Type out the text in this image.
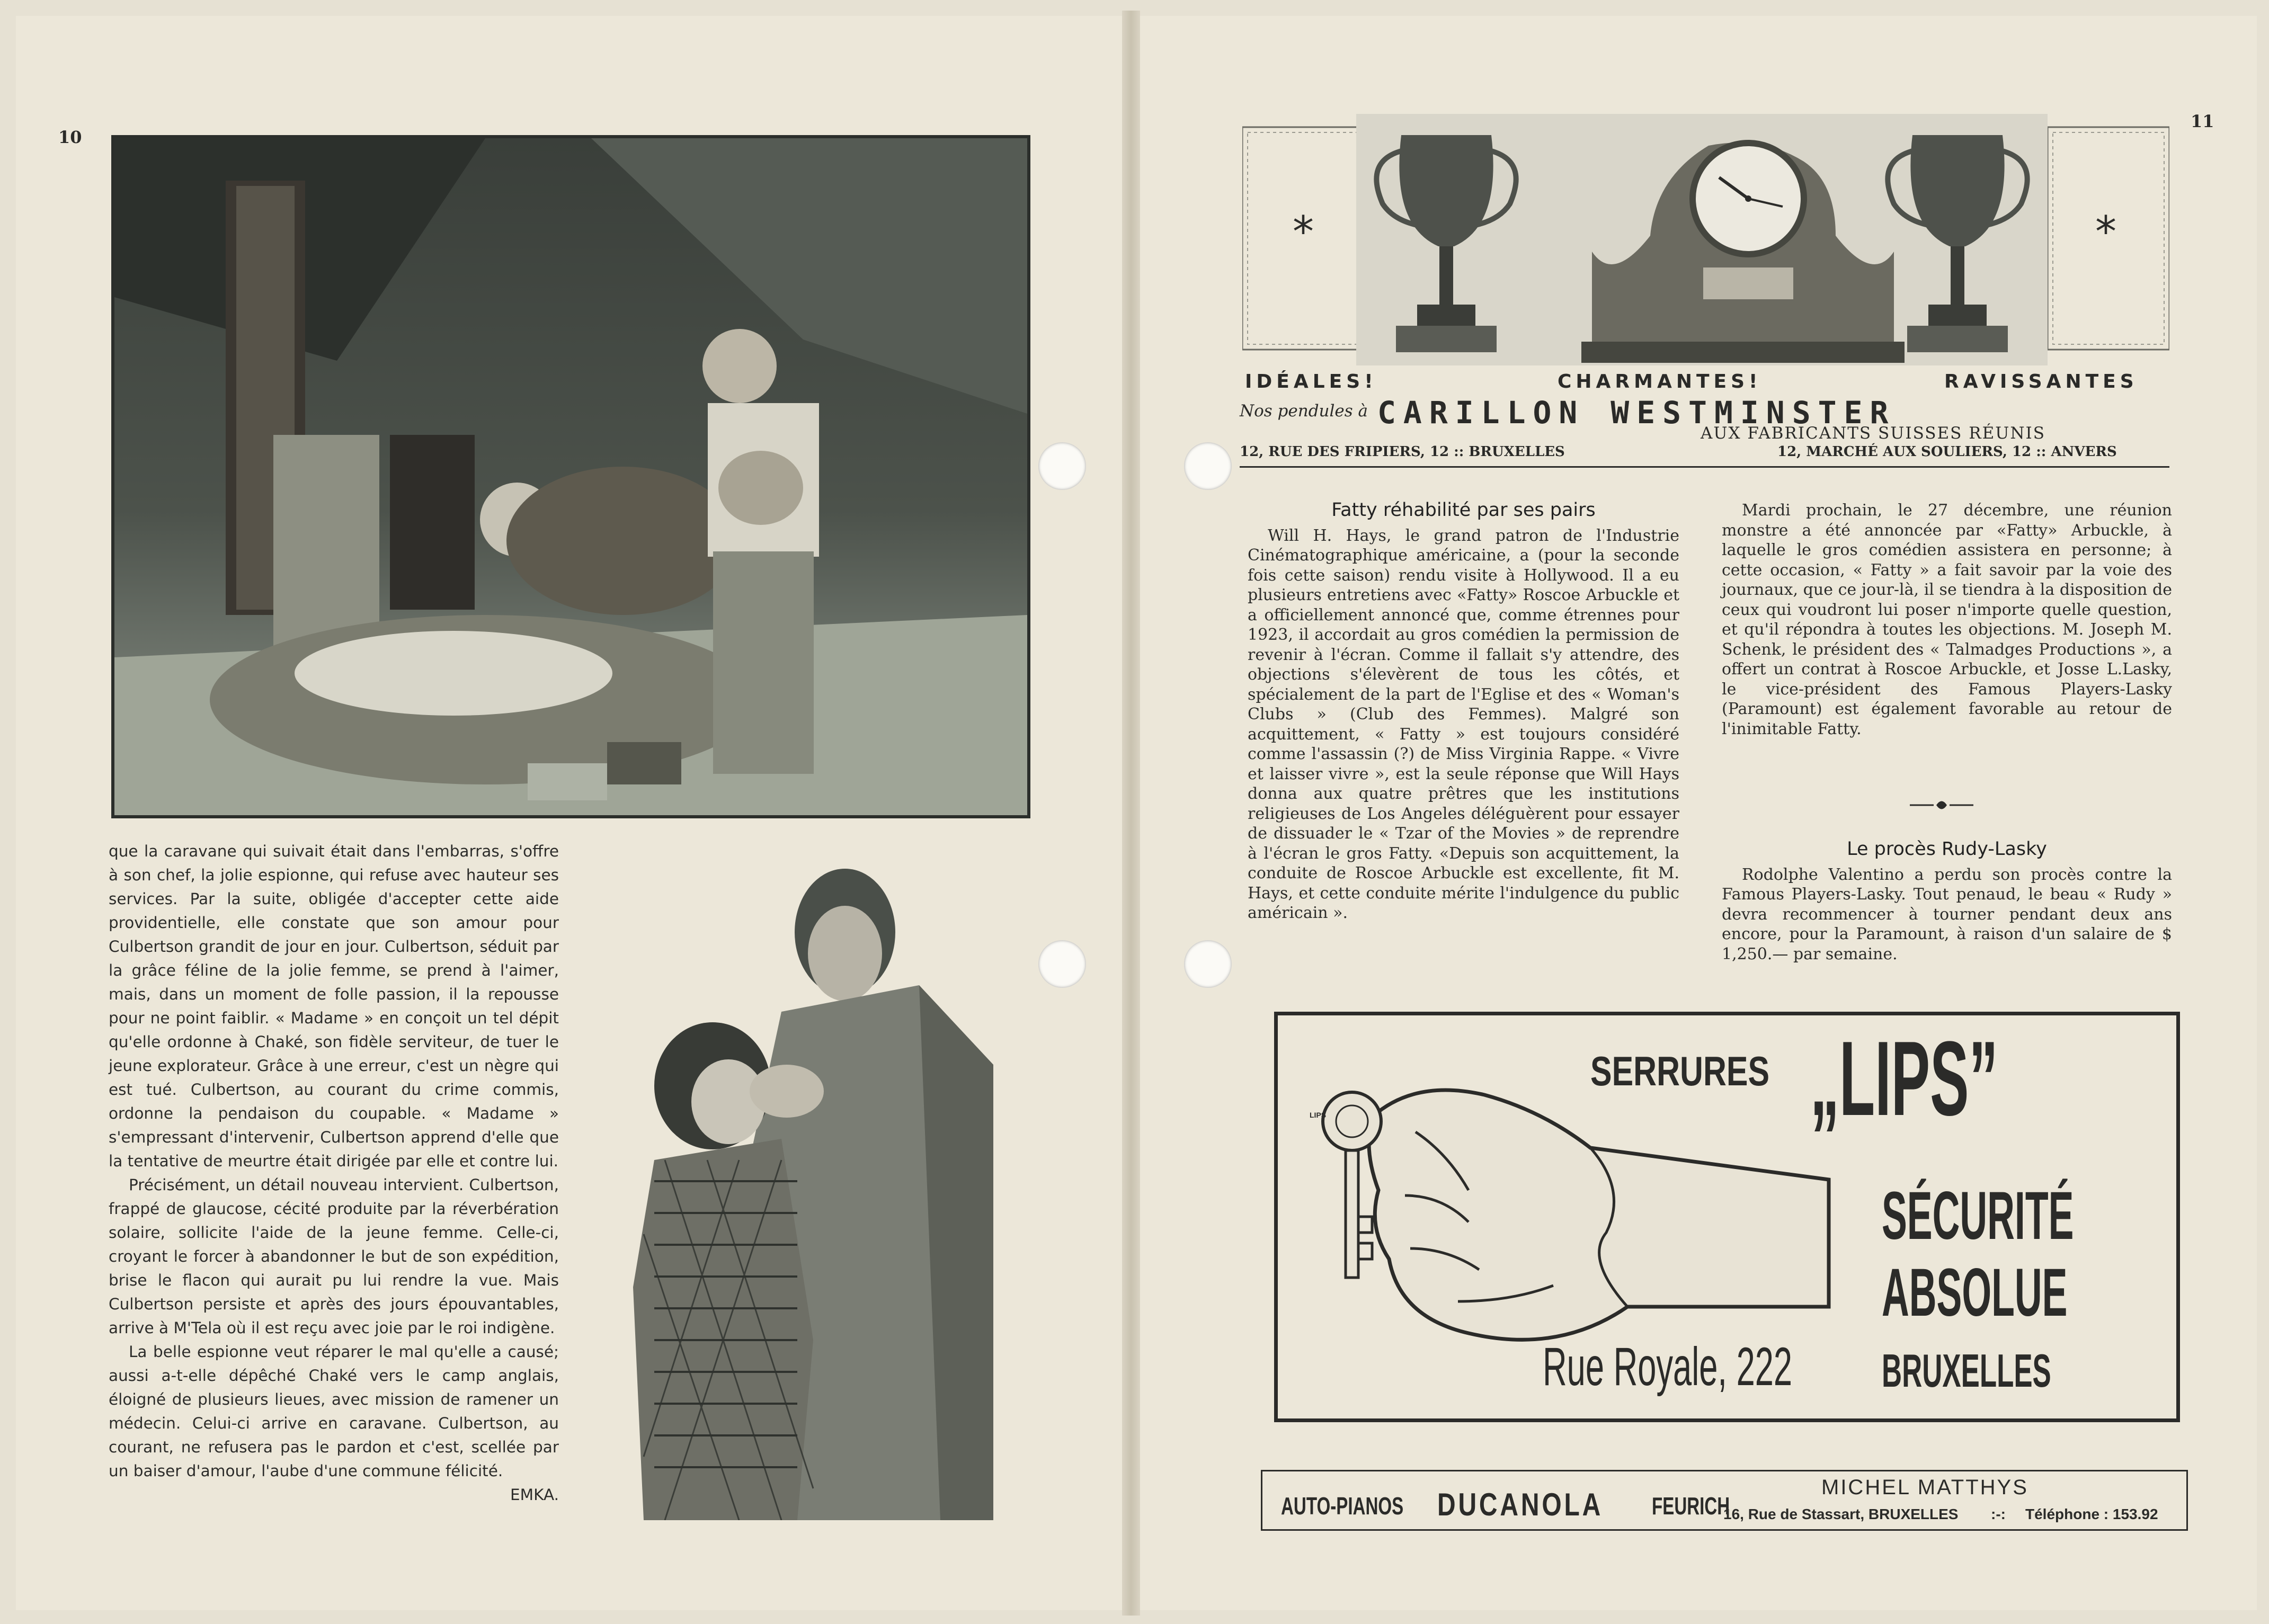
10

que la caravane qui suivait était dans l'embarras, s'offre à son chef, la jolie espionne, qui refuse avec hauteur ses services. Par la suite, obligée d'accepter cette aide providentielle, elle constate que son amour pour Culbertson grandit de jour en jour. Culbertson, séduit par la grâce féline de la jolie femme, se prend à l'aimer, mais, dans un moment de folle passion, il la repousse pour ne point faiblir. « Madame » en conçoit un tel dépit qu'elle ordonne à Chaké, son fidèle serviteur, de tuer le jeune explorateur. Grâce à une erreur, c'est un nègre qui est tué. Culbertson, au courant du crime commis, ordonne la pendaison du coupable. « Madame » s'empressant d'intervenir, Culbertson apprend d'elle que la tentative de meurtre était dirigée par elle et contre lui.

Précisément, un détail nouveau intervient. Culbertson, frappé de glaucose, cécité produite par la réverbération solaire, sollicite l'aide de la jeune femme. Celle-ci, croyant le forcer à abandonner le but de son expédition, brise le flacon qui aurait pu lui rendre la vue. Mais Culbertson persiste et après des jours épouvantables, arrive à M'Tela où il est reçu avec joie par le roi indigène.

La belle espionne veut réparer le mal qu'elle a causé; aussi a-t-elle dépêché Chaké vers le camp anglais, éloigné de plusieurs lieues, avec mission de ramener un médecin. Celui-ci arrive en caravane. Culbertson, au courant, ne refusera pas le pardon et c'est, scellée par un baiser d'amour, l'aube d'une commune félicité.

EMKA.

11
*	*
IDÉALES!	CHARMANTES!	RAVISSANTES
Nos pendules à CARILLON WESTMINSTER
AUX FABRICANTS SUISSES RÉUNIS
12, RUE DES FRIPIERS, 12 :: BRUXELLES	12, MARCHÉ AUX SOULIERS, 12 :: ANVERS
Fatty réhabilité par ses pairs

Will H. Hays, le grand patron de l'Industrie Cinématographique américaine, a (pour la seconde fois cette saison) rendu visite à Hollywood. Il a eu plusieurs entretiens avec «Fatty» Roscoe Arbuckle et a officiellement annoncé que, comme étrennes pour 1923, il accordait au gros comédien la permission de revenir à l'écran. Comme il fallait s'y attendre, des objections s'élevèrent de tous les côtés, et spécialement de la part de l'Eglise et des « Woman's Clubs » (Club des Femmes). Malgré son acquittement, « Fatty » est toujours considéré comme l'assassin (?) de Miss Virginia Rappe. « Vivre et laisser vivre », est la seule réponse que Will Hays donna aux quatre prêtres que les institutions religieuses de Los Angeles déléguèrent pour essayer de dissuader le « Tzar of the Movies » de reprendre à l'écran le gros Fatty. «Depuis son acquittement, la conduite de Roscoe Arbuckle est excellente, fit M. Hays, et cette conduite mérite l'indulgence du public américain ».

Mardi prochain, le 27 décembre, une réunion monstre a été annoncée par «Fatty» Arbuckle, à laquelle le gros comédien assistera en personne; à cette occasion, « Fatty » a fait savoir par la voie des journaux, que ce jour-là, il se tiendra à la disposition de ceux qui voudront lui poser n'importe quelle question, et qu'il répondra à toutes les objections. M. Joseph M. Schenk, le président des « Talmadges Productions », a offert un contrat à Roscoe Arbuckle, et Josse L.Lasky, le vice-président des Famous Players-Lasky (Paramount) est également favorable au retour de l'inimitable Fatty.

Le procès Rudy-Lasky

Rodolphe Valentino a perdu son procès contre la Famous Players-Lasky. Tout penaud, le beau « Rudy » devra recommencer à tourner pendant deux ans encore, pour la Paramount, à raison d'un salaire de $ 1,250.— par semaine.

LIPS
SERRURES „LIPS”
SÉCURITÉ
ABSOLUE
Rue Royale, 222 BRUXELLES
AUTO-PIANOS DUCANOLA FEURICH
MICHEL MATTHYS
16, Rue de Stassart, BRUXELLES :-: Téléphone : 153.92
